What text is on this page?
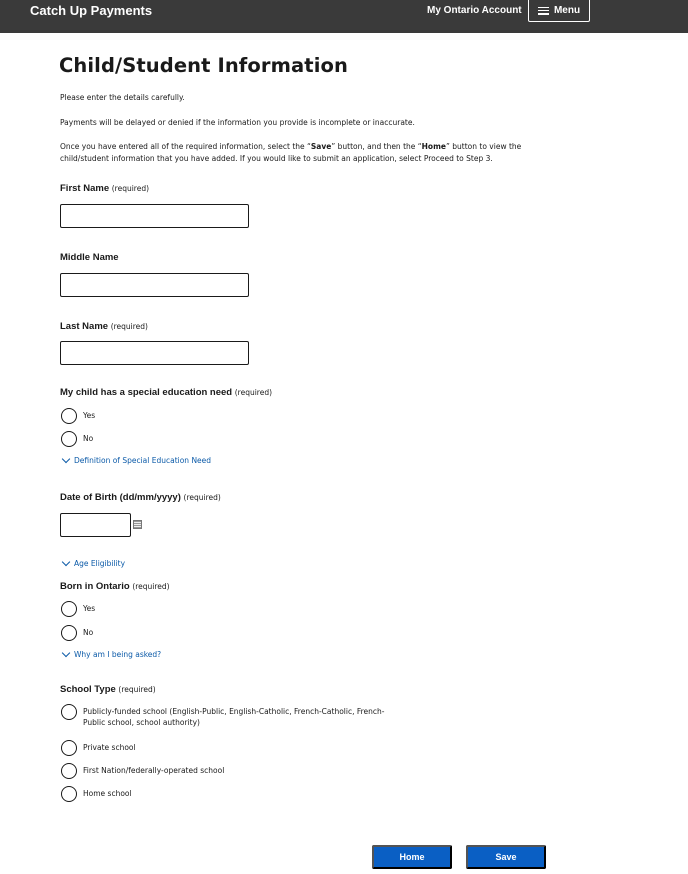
Catch Up Payments	My Ontario Account	Menu
Child/Student Information

Please enter the details carefully.

Payments will be delayed or denied if the information you provide is incomplete or inaccurate.

Once you have entered all of the required information, select the “Save” button, and then the “Home” button to view the child/student information that you have added. If you would like to submit an application, select Proceed to Step 3.

First Name (required)
Middle Name
Last Name (required)
My child has a special education need (required)
Yes
No
Definition of Special Education Need
Date of Birth (dd/mm/yyyy) (required)
Age Eligibility
Born in Ontario (required)
Yes
No
Why am I being asked?
School Type (required)
Publicly-funded school (English-Public, English-Catholic, French-Catholic, French-Public school, school authority)
Private school
First Nation/federally-operated school
Home school
Home	Save
